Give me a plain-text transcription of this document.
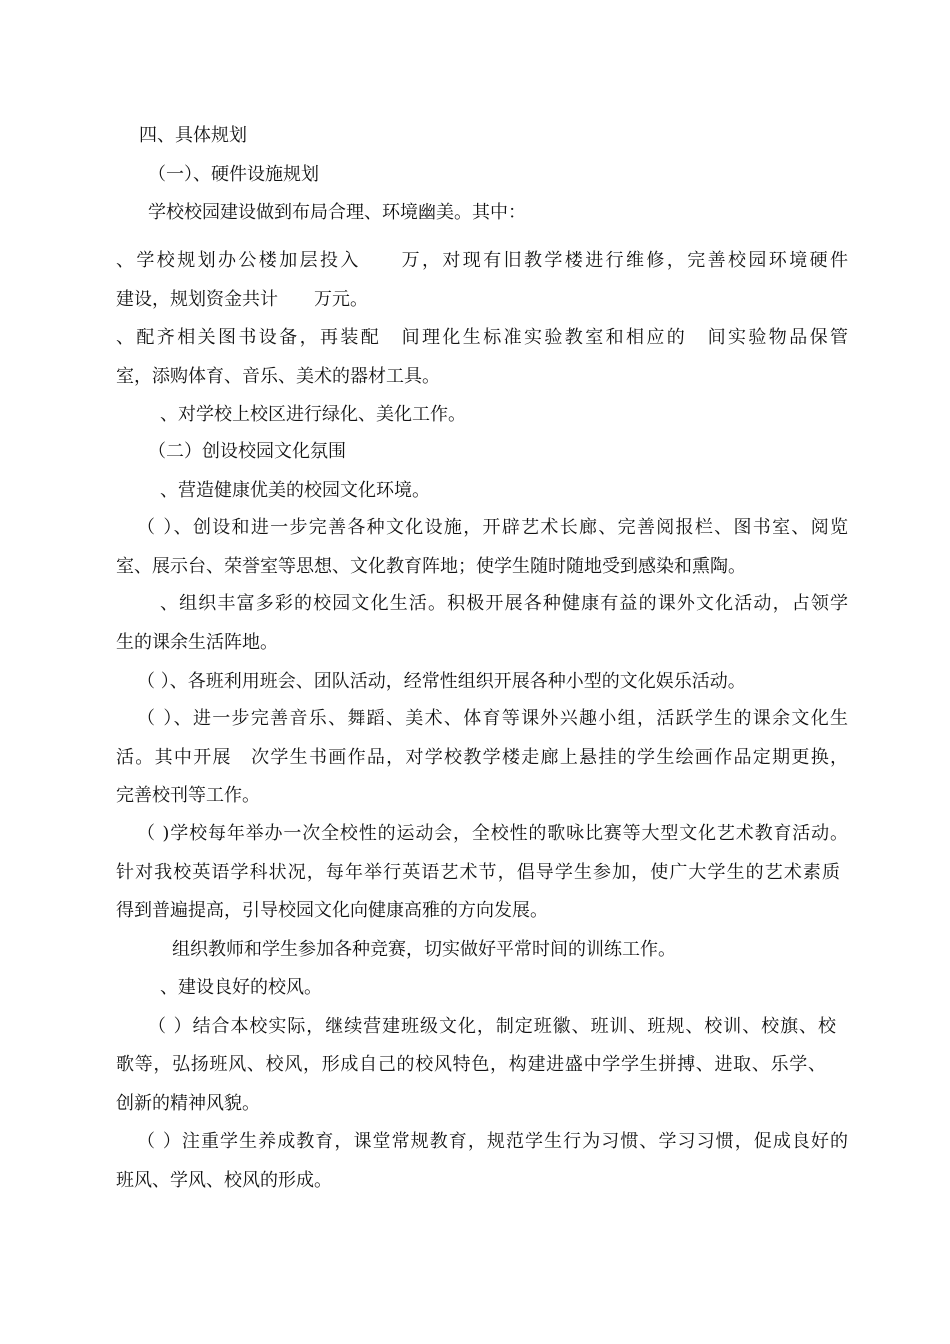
四、具体规划
（一）、硬件设施规划
学校校园建设做到布局合理、环境幽美。其中：
、学校规划办公楼加层投入　　万，对现有旧教学楼进行维修，完善校园环境硬件
建设，规划资金共计　　万元。
、配齐相关图书设备，再装配　间理化生标准实验教室和相应的　间实验物品保管
室，添购体育、音乐、美术的器材工具。
、对学校上校区进行绿化、美化工作。
（二）创设校园文化氛围
、营造健康优美的校园文化环境。
（ ）、创设和进一步完善各种文化设施，开辟艺术长廊、完善阅报栏、图书室、阅览
室、展示台、荣誉室等思想、文化教育阵地；使学生随时随地受到感染和熏陶。
、组织丰富多彩的校园文化生活。积极开展各种健康有益的课外文化活动，占领学
生的课余生活阵地。
（ ）、各班利用班会、团队活动，经常性组织开展各种小型的文化娱乐活动。
（ ）、进一步完善音乐、舞蹈、美术、体育等课外兴趣小组，活跃学生的课余文化生
活。其中开展　次学生书画作品，对学校教学楼走廊上悬挂的学生绘画作品定期更换，
完善校刊等工作。
（ )学校每年举办一次全校性的运动会，全校性的歌咏比赛等大型文化艺术教育活动。
针对我校英语学科状况，每年举行英语艺术节，倡导学生参加，使广大学生的艺术素质
得到普遍提高，引导校园文化向健康高雅的方向发展。
组织教师和学生参加各种竞赛，切实做好平常时间的训练工作。
、建设良好的校风。
（ ）结合本校实际，继续营建班级文化，制定班徽、班训、班规、校训、校旗、校
歌等，弘扬班风、校风，形成自己的校风特色，构建进盛中学学生拼搏、进取、乐学、
创新的精神风貌。
（ ）注重学生养成教育，课堂常规教育，规范学生行为习惯、学习习惯，促成良好的
班风、学风、校风的形成。
